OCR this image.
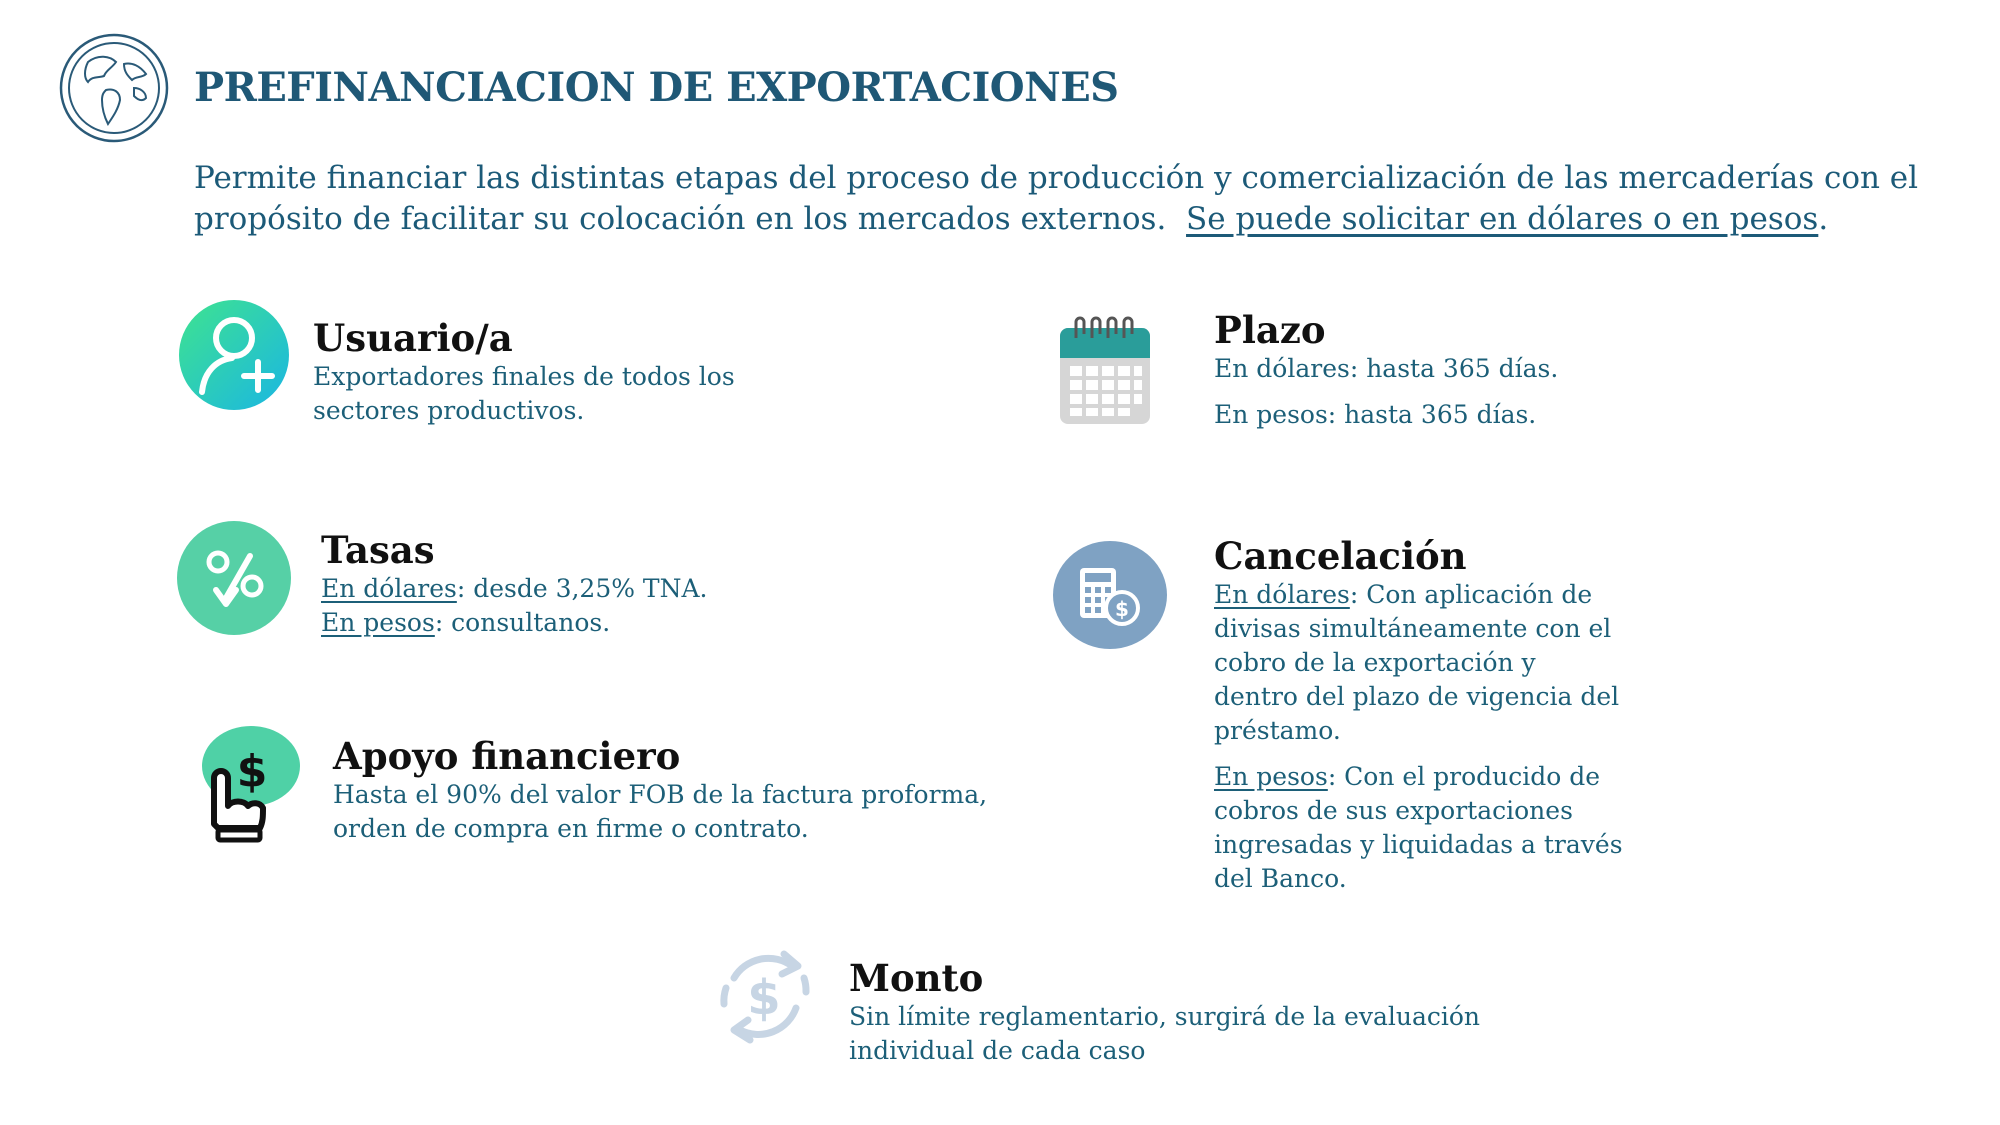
PREFINANCIACION DE EXPORTACIONES

Permite financiar las distintas etapas del proceso de producción y comercialización de las mercaderías con el propósito de facilitar su colocación en los mercados externos. Se puede solicitar en dólares o en pesos.

Usuario/a
Exportadores finales de todos los sectores productivos.
Plazo

En dólares: hasta 365 días.

En pesos: hasta 365 días.

Tasas

En dólares: desde 3,25% TNA.

En pesos: consultanos.	$
Cancelación

En dólares: Con aplicación de divisas simultáneamente con el cobro de la exportación y dentro del plazo de vigencia del préstamo.

En pesos: Con el producido de cobros de sus exportaciones ingresadas y liquidadas a través del Banco.

$ Apoyo financiero
Hasta el 90% del valor FOB de la factura proforma, orden de compra en firme o contrato.
$ Monto
Sin límite reglamentario, surgirá de la evaluación individual de cada caso
